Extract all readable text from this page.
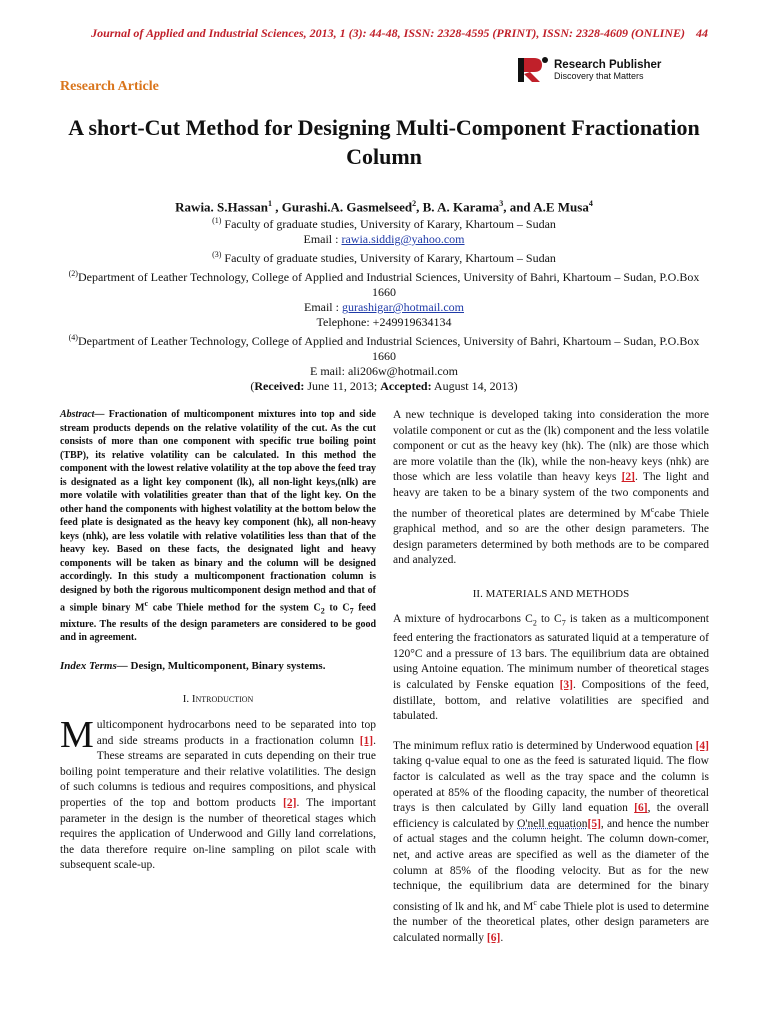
Journal of Applied and Industrial Sciences, 2013, 1 (3): 44-48, ISSN: 2328-4595 (PRINT), ISSN: 2328-4609 (ONLINE) 44
Research Publisher
Discovery that Matters
Research Article
A short-Cut Method for Designing Multi-Component Fractionation Column
Rawia. S.Hassan$^1$ , Gurashi.A. Gasmelseed$^2$, B. A. Karama$^3$, and A.E Musa$^4$
$^{(1)}$ Faculty of graduate studies, University of Karary, Khartoum – Sudan
Email : rawia.siddig@yahoo.com
$^{(3)}$ Faculty of graduate studies, University of Karary, Khartoum – Sudan
$^{(2)}$Department of Leather Technology, College of Applied and Industrial Sciences, University of Bahri, Khartoum – Sudan, P.O.Box 1660
Email : gurashigar@hotmail.com
Telephone: +249919634134
$^{(4)}$Department of Leather Technology, College of Applied and Industrial Sciences, University of Bahri, Khartoum – Sudan, P.O.Box 1660
E mail: ali206w@hotmail.com
(Received: June 11, 2013; Accepted: August 14, 2013)
Abstract— Fractionation of multicomponent mixtures into top and side stream products depends on the relative volatility of the cut. As the cut consists of more than one component with specific true boiling point (TBP), its relative volatility can be calculated. In this method the component with the lowest relative volatility at the top above the feed tray is designated as a light key component (lk), all non-light keys,(nlk) are more volatile with volatilities greater than that of the light key. On the other hand the components with highest volatility at the bottom below the feed plate is designated as the heavy key component (hk), all non-heavy keys (nhk), are less volatile with relative volatilities less than that of the heavy key. Based on these facts, the designated light and heavy components will be taken as binary and the column will be designed accordingly. In this study a multicomponent fractionation column is designed by both the rigorous multicomponent design method and that of a simple binary $M^c$ cabe Thiele method for the system $C_2$ to $C_7$ feed mixture. The results of the design parameters are considered to be good and in agreement.
Index Terms— Design, Multicomponent, Binary systems.
I. Introduction

Multicomponent hydrocarbons need to be separated into top and side streams products in a fractionation column [1]. These streams are separated in cuts depending on their true boiling point temperature and their relative volatilities. The design of such columns is tedious and requires compositions, and physical properties of the top and bottom products [2]. The important parameter in the design is the number of theoretical stages which requires the application of Underwood and Gilly land correlations, the data therefore require on-line sampling on pilot scale with subsequent scale-up.

A new technique is developed taking into consideration the more volatile component or cut as the (lk) component and the less volatile component or cut as the heavy key (hk). The (nlk) are those which are more volatile than the (lk), while the non-heavy keys (nhk) are those which are less volatile than heavy keys [2]. The light and heavy are taken to be a binary system of the two components and the number of theoretical plates are determined by $M^ccabe$ Thiele graphical method, and so are the other design parameters. The design parameters determined by both methods are to be compared and analyzed.

II. MATERIALS AND METHODS

A mixture of hydrocarbons $C_2$ to $C_7$ is taken as a multicomponent feed entering the fractionators as saturated liquid at a temperature of 120°C and a pressure of 13 bars. The equilibrium data are obtained using Antoine equation. The minimum number of theoretical stages is calculated by Fenske equation [3]. Compositions of the feed, distillate, bottom, and relative volatilities are specified and tabulated.

The minimum reflux ratio is determined by Underwood equation [4] taking q-value equal to one as the feed is saturated liquid. The flow factor is calculated as well as the tray space and the column is operated at 85% of the flooding capacity, the number of theoretical trays is then calculated by Gilly land equation [6], the overall efficiency is calculated by O'nell equation[5], and hence the number of actual stages and the column height. The column down-comer, net, and active areas are specified as well as the diameter of the column at 85% of the flooding velocity. But as for the new technique, the equilibrium data are determined for the binary consisting of lk and hk, and $M^c$ cabe Thiele plot is used to determine the number of the theoretical plates, other design parameters are calculated normally [6].
